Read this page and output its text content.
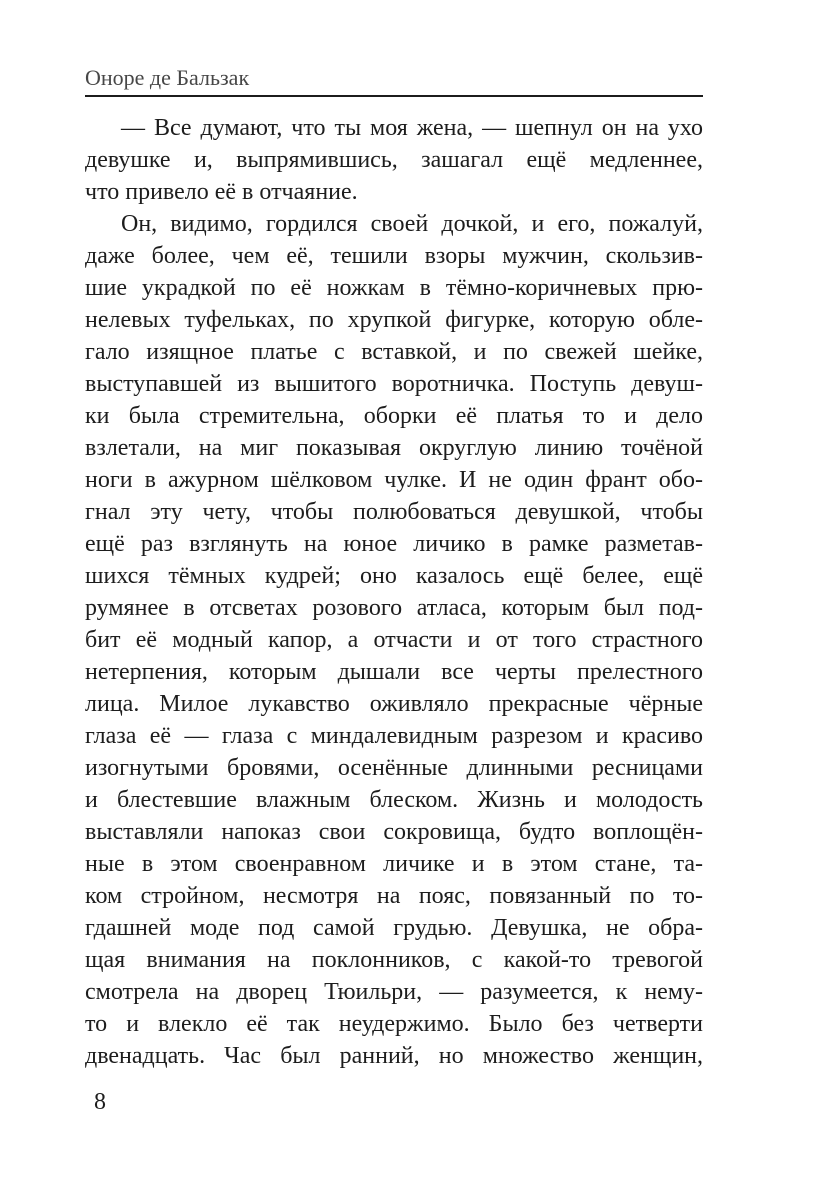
Оноре де Бальзак
— Все думают, что ты моя жена, — шепнул он на ухо
девушке и, выпрямившись, зашагал ещё медленнее,
что привело её в отчаяние.
Он, видимо, гордился своей дочкой, и его, пожалуй,
даже более, чем её, тешили взоры мужчин, скользив-
шие украдкой по её ножкам в тёмно-коричневых прю-
нелевых туфельках, по хрупкой фигурке, которую обле-
гало изящное платье с вставкой, и по свежей шейке,
выступавшей из вышитого воротничка. Поступь девуш-
ки была стремительна, оборки её платья то и дело
взлетали, на миг показывая округлую линию точёной
ноги в ажурном шёлковом чулке. И не один франт обо-
гнал эту чету, чтобы полюбоваться девушкой, чтобы
ещё раз взглянуть на юное личико в рамке разметав-
шихся тёмных кудрей; оно казалось ещё белее, ещё
румянее в отсветах розового атласа, которым был под-
бит её модный капор, а отчасти и от того страстного
нетерпения, которым дышали все черты прелестного
лица. Милое лукавство оживляло прекрасные чёрные
глаза её — глаза с миндалевидным разрезом и красиво
изогнутыми бровями, осенённые длинными ресницами
и блестевшие влажным блеском. Жизнь и молодость
выставляли напоказ свои сокровища, будто воплощён-
ные в этом своенравном личике и в этом стане, та-
ком стройном, несмотря на пояс, повязанный по то-
гдашней моде под самой грудью. Девушка, не обра-
щая внимания на поклонников, с какой-то тревогой
смотрела на дворец Тюильри, — разумеется, к нему-
то и влекло её так неудержимо. Было без четверти
двенадцать. Час был ранний, но множество женщин,
8
